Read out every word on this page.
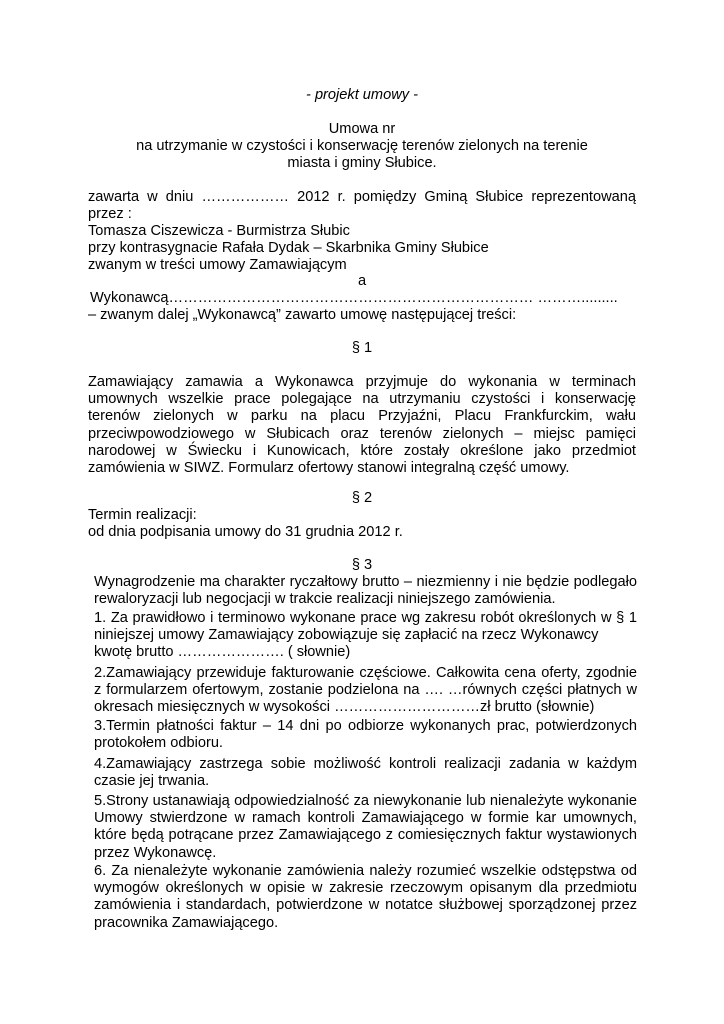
- projekt umowy -
Umowa nr
na utrzymanie w czystości i konserwację terenów zielonych na terenie
miasta i gminy Słubice.
zawarta w dniu ……………… 2012 r. pomiędzy Gminą Słubice reprezentowaną
przez :
Tomasza Ciszewicza - Burmistrza Słubic
przy kontrasygnacie Rafała Dydak – Skarbnika Gminy Słubice
zwanym w treści umowy Zamawiającym
a
Wykonawcą………………………………………………………………… ……….........
– zwanym dalej „Wykonawcą” zawarto umowę następującej treści:
§ 1
Zamawiający zamawia a Wykonawca przyjmuje do wykonania w terminach
umownych wszelkie prace polegające na utrzymaniu czystości i konserwację
terenów zielonych w parku na placu Przyjaźni, Placu Frankfurckim, wału
przeciwpowodziowego w Słubicach oraz terenów zielonych – miejsc pamięci
narodowej w Świecku i Kunowicach, które zostały określone jako przedmiot
zamówienia w SIWZ. Formularz ofertowy stanowi integralną część umowy.
§ 2
Termin realizacji:
od dnia podpisania umowy do 31 grudnia 2012 r.
§ 3
Wynagrodzenie ma charakter ryczałtowy brutto – niezmienny i nie będzie podlegało
rewaloryzacji lub negocjacji w trakcie realizacji niniejszego zamówienia.
1. Za prawidłowo i terminowo wykonane prace wg zakresu robót określonych w § 1
niniejszej umowy Zamawiający zobowiązuje się zapłacić na rzecz Wykonawcy
kwotę brutto …………………. ( słownie)
2.Zamawiający przewiduje fakturowanie częściowe. Całkowita cena oferty, zgodnie
z formularzem ofertowym, zostanie podzielona na …. …równych części płatnych w
okresach miesięcznych w wysokości …………………………zł brutto (słownie)
3.Termin płatności faktur – 14 dni po odbiorze wykonanych prac, potwierdzonych
protokołem odbioru.
4.Zamawiający zastrzega sobie możliwość kontroli realizacji zadania w każdym
czasie jej trwania.
5.Strony ustanawiają odpowiedzialność za niewykonanie lub nienależyte wykonanie
Umowy stwierdzone w ramach kontroli Zamawiającego w formie kar umownych,
które będą potrącane przez Zamawiającego z comiesięcznych faktur wystawionych
przez Wykonawcę.
6. Za nienależyte wykonanie zamówienia należy rozumieć wszelkie odstępstwa od
wymogów określonych w opisie w zakresie rzeczowym opisanym dla przedmiotu
zamówienia i standardach, potwierdzone w notatce służbowej sporządzonej przez
pracownika Zamawiającego.
